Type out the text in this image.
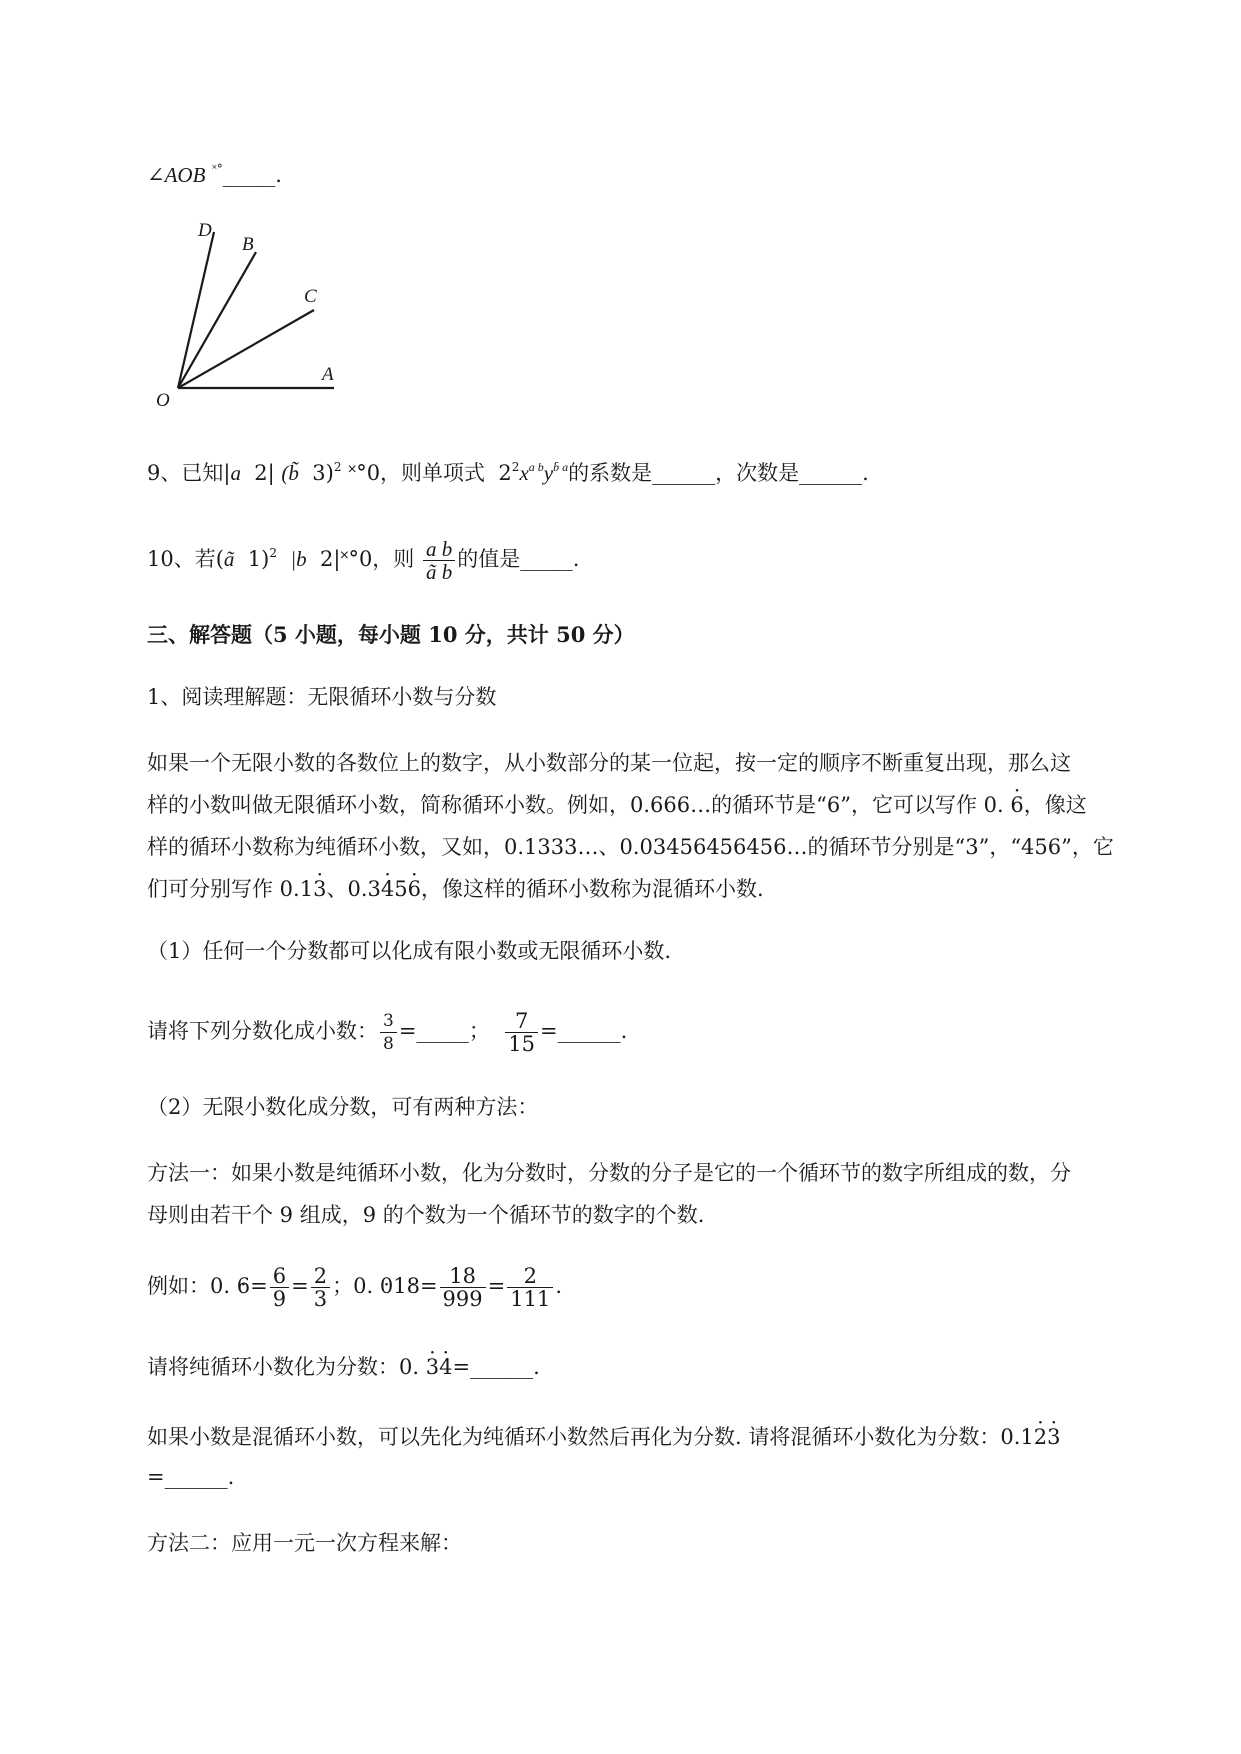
∠AOB ˟°_____.
D
B
C
A
O
9、已知|a 2| (b̃ 3)$^2$ ˟°0，则单项式 $2^2x^{a b}y^{b̄ a}$的系数是______，次数是______.
10、若(ã 1)$^2$ |b 2|˟°0，则 $\frac{\text{a b}}{\text{ã b}}$ 的值是_____.
三、解答题（5 小题，每小题 10 分，共计 50 分）
1、阅读理解题：无限循环小数与分数
如果一个无限小数的各数位上的数字，从小数部分的某一位起，按一定的顺序不断重复出现，那么这
样的小数叫做无限循环小数，简称循环小数。例如，0.666…的循环节是“6”，它可以写作 0. 6 ·，像这
样的循环小数称为纯循环小数，又如，0.1333…、0.03456456456…的循环节分别是“3”，“456”，它
们可分别写作 0.13 ·、0.34 ·56 ·，像这样的循环小数称为混循环小数.
（1）任何一个分数都可以化成有限小数或无限循环小数.
请将下列分数化成小数： $\frac{3}{8}$ =_____； $\frac{7}{15}$ =______.
（2）无限小数化成分数，可有两种方法：
方法一：如果小数是纯循环小数，化为分数时，分数的分子是它的一个循环节的数字所组成的数，分
母则由若干个 9 组成，9 的个数为一个循环节的数字的个数.
例如：0. $6 \cdot= \frac{6}{9} = \frac{2}{3}$ ；0. $0 \cdot 18 \cdot= \frac{18}{999} = \frac{2}{111}$ .
请将纯循环小数化为分数：0. 3 ·4 ·=______.
如果小数是混循环小数，可以先化为纯循环小数然后再化为分数. 请将混循环小数化为分数：0.12 ·3 ·
=______.
方法二：应用一元一次方程来解：
